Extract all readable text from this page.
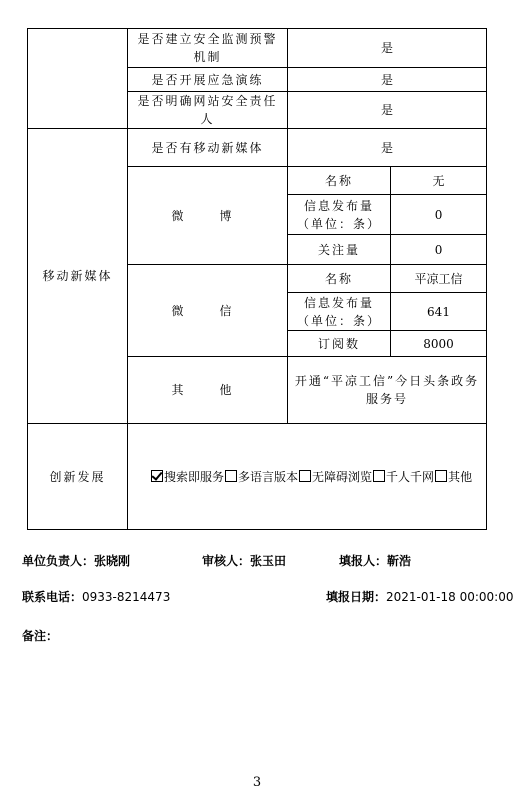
	是否建立安全监测预警机制	是	
	是否开展应急演练	是	
	是否明确网站安全责任人	是	
移动新媒体	是否有移动新媒体	是	
	微　博	名称	无
		信息发布量（单位：条）	0
		关注量	0
	微　信	名称	平凉工信
		信息发布量（单位：条）	641
		订阅数	8000
	其　他	开通“平凉工信”今日头条政务服务号	
创新发展	搜索即服务 多语言版本 无障碍浏览 千人千网 其他		
单位负责人：张晓刚	审核人：张玉田	填报人：靳浩
联系电话：0933-8214473	填报日期：2021-01-18 00:00:00
备注：
3
